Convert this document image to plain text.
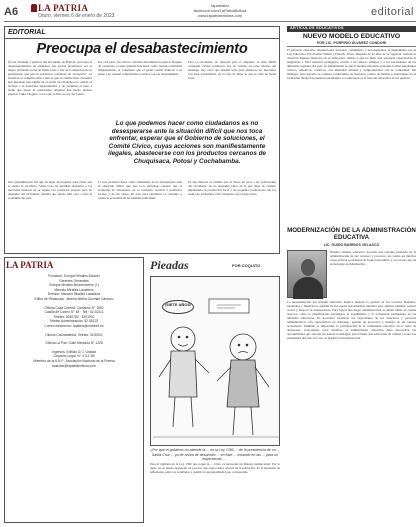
A6 LA PATRIA
Oruro, viernes 6 de enero de 2023
lapatriabo
facebook.com/LaPatriaBolivia
www.lapatriaenlinea.com	editorial
EDITORIAL
Preocupa el desabastecimiento
En las ciudades y pueblos del Occidente de Bolivia, preocupa el desabastecimiento de alimentos que podría presentarse por el mayor problema social en Santa Cruz, a raíz de la detención de su gobernador, que para la población constituye un "secuestro". La situación se complicó más a raíz de que los demócratas crucerños han instalado una vigilia en el portal de Chonchocoro, donde se recluyó a la autoridad departamental y no permiten el paso a nadie que apoye al gobernador. Algunos han hecho incluso pruebas cómo Chojjlas, con la que se hizo la Ley del Censo.
Por otra parte, los cívicos cruceños determinaron pedir el bloqueo de carreteras, porque quieren funcionar como nación totalmente independiente, al considerar que el poder central maltrata a su gente y no existen compartimos recursos con ese departamento.
Para el Occidente, en especial para el altiplano, es más difícil conseguir ciertos productos que no existen en estas alturas, sin embargo, hay otros que pueden serlo para abastecer los mercados con total tranquilidad, en el caso de faltar lo que se traía de Santa Cruz.
Lo que podemos hacer como ciudadanos es no desesperarse ante la situación difícil que nos toca enfrentar, esperar que el Gobierno de soluciones, el Comité Cívico, cuyas acciones son manifiestamente ilegales, abastecerse con los productos cercanos de Chuquisaca, Potosí y Cochabamba.
Otra determinación fue que en lugar de bloquear para evitar que se sienta el sacrificio, Santa Cruz ha decidido abastecer a los mercados internos de su región con productos propios para no depender del Occidente, medida que puede salir cara a toda la economía del país.
Lo que podemos hacer como ciudadanos es no desesperarse ante la situación difícil que nos toca enfrentar, esperar que el Gobierno de soluciones, de lo contrario, recurrir a productos locales y de los valles del país para garantizar el consumo y cuidar la economía de las familias bolivianas.
Es una muestra es posible que se libere un poco a las poblaciones del Occidente, de no depender tanto de lo que llega de oriente, impulsando la producción local y de pequeños productores, sin los cuales no podríamos vivir tranquilos en el largo plazo.
ARTÍCULOS EDUCATIVOS
NUEVO MODELO EDUCATIVO
POR LIC. PORFIRIO ÁLVAREZ CONDORI
El proyecto educativo plurinacional, nacional, comunitario y decolonizador, se implementó con la Ley Educativa 070 Avelino Siñani y Elizardo Pérez. Después de 12 años de su vigencia, todavía se observan algunas falencias en su aplicación, debido a que no hubo una adecuada capacitación al magisterio y faltó material pedagógico acorde a los nuevos tiempos y a las necesidades de las diferentes regiones del país. Lo fundamental es que el modelo educativo pretende formar estudiantes críticos, reflexivos, creativos, con identidad cultural y comprometidos con la comunidad. Sin embargo, para lograrlo se requiere compromiso de maestros, padres de familia y autoridades en la formación integral de nuestros estudiantes. La educación es la base del desarrollo de los pueblos.
MODERNIZACIÓN DE LA ADMINISTRACIÓN EDUCATIVA
LIC. GUIDO BARRIOS VELASCO
Nuestro sistema educativo necesita una reforma profunda en la administración de sus recursos y procesos, los cuales en muchos casos todavía se manejan de forma burocrática y con escaso uso de tecnologías de información.
La modernización del sistema educativo implica mejorar la gestión de los recursos humanos, materiales y financieros, además de incorporar herramientas digitales para agilizar trámites, reducir costos y mejorar la transparencia. Para lograr una mejor administración se deben tomar en cuenta aspectos como la planificación estratégica, el seguimiento y la evaluación permanente de las unidades educativas. Es necesario fortalecer las capacidades de los directores y personal administrativo, con capacitación en liderazgo, gestión de proyectos y manejo de las nuevas tecnologías. También es importante la participación de la comunidad educativa en la toma de decisiones. Conociendo estos desafíos, el administrador educativo debe aprovechar las oportunidades que ofrecen las nuevas tecnologías para brindar una educación de calidad a todos los estudiantes del país. Por eso, es urgente la modernización.
LA PATRIA
Fundador: Enrique Miralles Bouvier
Gerentes Generales
Enrique Miralles Bonnecarrère (†)
Marcelo Miralles Lavadenz
Director: Marcelo Miralles Lavadenz
Editor de Redacción: Jimena Mirtha Guzmán Cardozo
Oficina Casa Central: Camacho N° 1892
Casilla de Correo N° 48 · Telf.: 52-52111
Telefax: 5250780 · 5251902
Telefax Administración: 52-55123
Correo electrónico: lapatria@entelnet.bo
Oficina Cochabamba: Telefax: 4100001
Oficina La Paz: Calle Mercado N° 1228
Ingresos: Edificio D.C. Unidad
Depósito Legal: N° 4-3-1-96
Miembro de la A.N.P., Asociación Nacional de la Prensa
tnoticias@lapatriaenlinea.com
Pieadas	POR COQUITO
¡SIETE AÑOS!
¿Por qué el gobierno no atiende la ... en la Ley 1390 ... de la presidencia de un ... Santa Cruz ... ya de ahora de desarrollo ... en este ... mirando en las ... para un espectáculo ... .
Para el régimen de la Ley 1390 que posee la ... crisis, es necesario un diálogo institucional. Por lo tanto, no se puede suspender un proceso que tenga tantos efectos en la población. Es el momento de reflexionar sobre los resultados y asumir la responsabilidad que corresponde.
